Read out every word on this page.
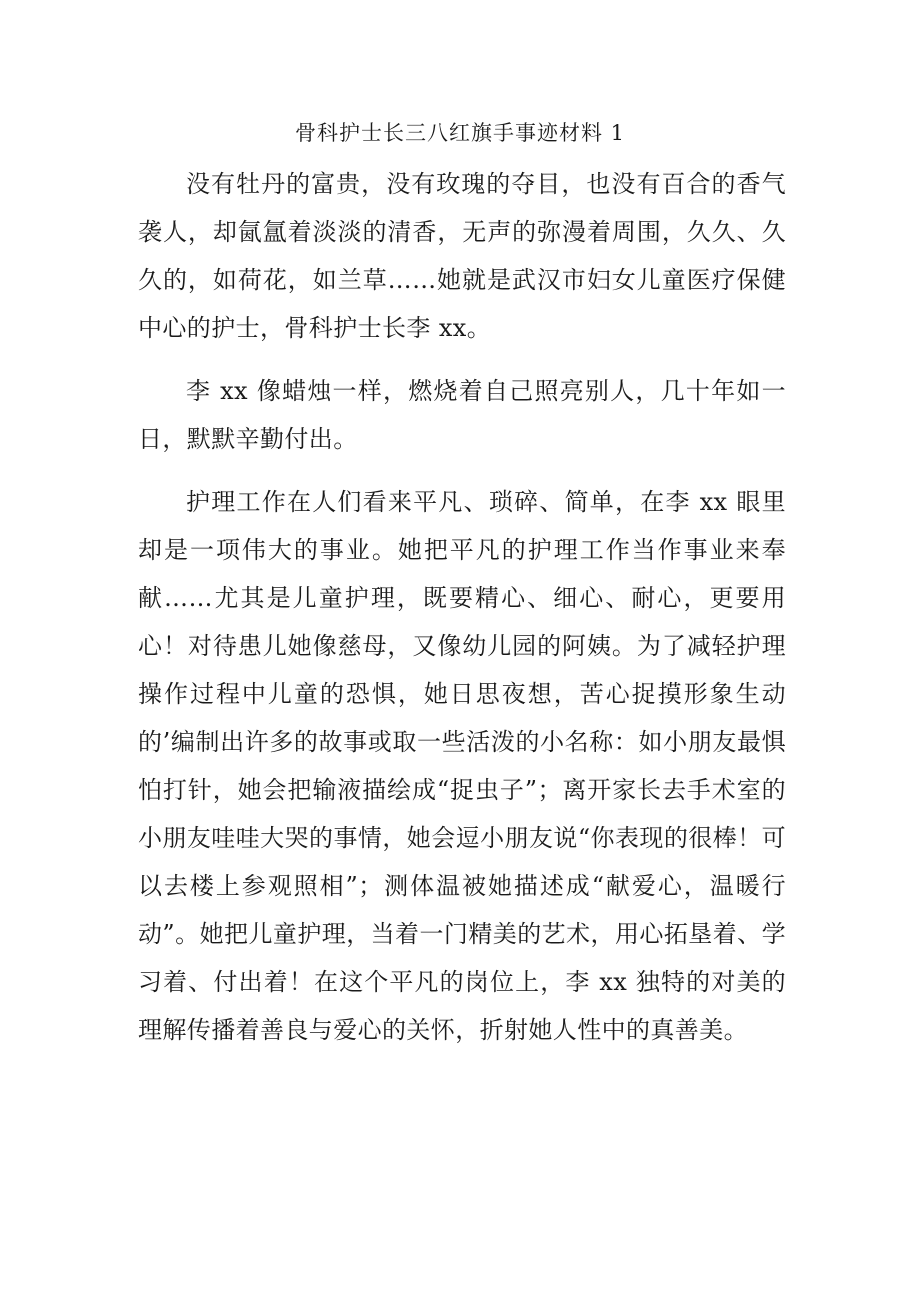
骨科护士长三八红旗手事迹材料 1

没有牡丹的富贵，没有玫瑰的夺目，也没有百合的香气袭人，却氤氲着淡淡的清香，无声的弥漫着周围，久久、久久的，如荷花，如兰草……她就是武汉市妇女儿童医疗保健中心的护士，骨科护士长李 xx。

李 xx 像蜡烛一样，燃烧着自己照亮别人，几十年如一日，默默辛勤付出。

护理工作在人们看来平凡、琐碎、简单，在李 xx 眼里却是一项伟大的事业。她把平凡的护理工作当作事业来奉献……尤其是儿童护理，既要精心、细心、耐心，更要用心！对待患儿她像慈母，又像幼儿园的阿姨。为了减轻护理操作过程中儿童的恐惧，她日思夜想，苦心捉摸形象生动的’编制出许多的故事或取一些活泼的小名称：如小朋友最惧怕打针，她会把输液描绘成“捉虫子”；离开家长去手术室的小朋友哇哇大哭的事情，她会逗小朋友说“你表现的很棒！可以去楼上参观照相”；测体温被她描述成“献爱心，温暖行动”。她把儿童护理，当着一门精美的艺术，用心拓垦着、学习着、付出着！在这个平凡的岗位上，李 xx 独特的对美的理解传播着善良与爱心的关怀，折射她人性中的真善美。
